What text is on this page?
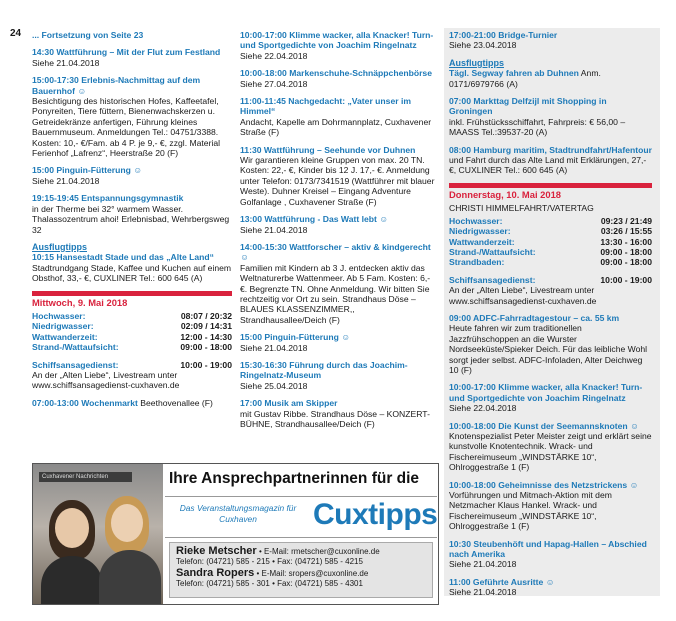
24 ... Fortsetzung von Seite 23
14:30 Wattführung – Mit der Flut zum Festland
Siehe 21.04.2018
15:00-17:30 Erlebnis-Nachmittag auf dem Bauernhof ☺
Besichtigung des historischen Hofes, Kaffeetafel, Ponyreiten, Tiere füttern, Bienenwachskerzen u. Getreidekränze anfertigen, Führung kleines Bauernmuseum. Anmeldungen Tel.: 04751/3388. Kosten: 10,- €/Fam. ab 4 P. je 9,- €, zzgl. Material Ferienhof „Lafrenz“, Heerstraße 20 (F)
15:00 Pinguin-Fütterung ☺
Siehe 21.04.2018
19:15-19:45 Entspannungsgymnastik
in der Therme bei 32° warmem Wasser. Thalassozentrum ahoi! Erlebnisbad, Wehrbergsweg 32
Ausflugtipps
10:15 Hansestadt Stade und das „Alte Land“
Stadtrundgang Stade, Kaffee und Kuchen auf einem Obsthof, 33,- €, CUXLINER Tel.: 600 645 (A)
Mittwoch, 9. Mai 2018
Hochwasser:	08:07 / 20:32
Niedrigwasser:	02:09 / 14:31
Wattwanderzeit:	12:00 - 14:30
Strand-/Wattaufsicht:	09:00 - 18:00
Schiffsansagedienst:	10:00 - 19:00
An der „Alten Liebe“, Livestream unter www.schiffsansagedienst-cuxhaven.de
07:00-13:00 Wochenmarkt Beethovenallee (F)
10:00-17:00 Klimme wacker, alla Knacker! Turn- und Sportgedichte von Joachim Ringelnatz
Siehe 22.04.2018
10:00-18:00 Markenschuhe-Schnäppchenbörse
Siehe 27.04.2018
11:00-11:45 Nachgedacht: „Vater unser im Himmel“
Andacht, Kapelle am Dohrmannplatz, Cuxhavener Straße (F)
11:30 Wattführung – Seehunde vor Duhnen
Wir garantieren kleine Gruppen von max. 20 TN. Kosten: 22,- €, Kinder bis 12 J. 17,- €. Anmeldung unter Telefon: 0173/7341519 (Wattführer mit blauer Weste). Duhner Kreisel – Eingang Adventure Golfanlage , Cuxhavener Straße (F)
13:00 Wattführung - Das Watt lebt ☺
Siehe 21.04.2018
14:00-15:30 Wattforscher – aktiv & kindgerecht ☺
Familien mit Kindern ab 3 J. entdecken aktiv das Weltnaturerbe Wattenmeer. Ab 5 Fam. Kosten: 6,- €. Begrenzte TN. Ohne Anmeldung. Wir bitten Sie rechtzeitig vor Ort zu sein. Strandhaus Döse – BLAUES KLASSENZIMMER,, Strandhausallee/Deich (F)
15:00 Pinguin-Fütterung ☺
Siehe 21.04.2018
15:30-16:30 Führung durch das Joachim-Ringelnatz-Museum
Siehe 25.04.2018
17:00 Musik am Skipper
mit Gustav Ribbe. Strandhaus Döse – KONZERT-BÜHNE, Strandhausallee/Deich (F)
17:00-21:00 Bridge-Turnier
Siehe 23.04.2018
Ausflugtipps
Tägl. Segway fahren ab Duhnen Anm. 0171/6979766 (A)
07:00 Markttag Delfzijl mit Shopping in Groningen
inkl. Frühstücksschiffahrt, Fahrpreis: € 56,00 – MAASS Tel.:39537-20 (A)
08:00 Hamburg maritim, Stadtrundfahrt/Hafentour
und Fahrt durch das Alte Land mit Erklärungen, 27,- €, CUXLINER Tel.: 600 645 (A)
Donnerstag, 10. Mai 2018
CHRISTI HIMMELFAHRT/VATERTAG
Hochwasser:	09:23 / 21:49
Niedrigwasser:	03:26 / 15:55
Wattwanderzeit:	13:30 - 16:00
Strand-/Wattaufsicht:	09:00 - 18:00
Strandbaden:	09:00 - 18:00
Schiffsansagedienst:	10:00 - 19:00
An der „Alten Liebe“, Livestream unter www.schiffsansagedienst-cuxhaven.de
09:00 ADFC-Fahrradtagestour – ca. 55 km
Heute fahren wir zum traditionellen Jazzfrühschoppen an die Wurster Nordseeküste/Spieker Deich. Für das leibliche Wohl sorgt jeder selbst. ADFC-Infoladen, Alter Deichweg 10 (F)
10:00-17:00 Klimme wacker, alla Knacker! Turn- und Sportgedichte von Joachim Ringelnatz
Siehe 22.04.2018
10:00-18:00 Die Kunst der Seemannsknoten ☺
Knotenspezialist Peter Meister zeigt und erklärt seine kunstvolle Knotentechnik. Wrack- und Fischereimuseum „WINDSTÄRKE 10“, Ohlroggestraße 1 (F)
10:00-18:00 Geheimnisse des Netzstrickens ☺
Vorführungen und Mitmach-Aktion mit dem Netzmacher Klaus Hankel. Wrack- und Fischereimuseum „WINDSTÄRKE 10“, Ohlroggestraße 1 (F)
10:30 Steubenhöft und Hapag-Hallen – Abschied nach Amerika
Siehe 21.04.2018
11:00 Geführte Ausritte ☺
Siehe 21.04.2018
Cuxhavener Nachrichten	Ihre Ansprechpartnerinnen für die
Das Veranstaltungsmagazin für Cuxhaven	Cuxtipps
Rieke Metscher • E-Mail: rmetscher@cuxonline.de
Telefon: (04721) 585 - 215 • Fax: (04721) 585 - 4215
Sandra Ropers • E-Mail: sropers@cuxonline.de
Telefon: (04721) 585 - 301 • Fax: (04721) 585 - 4301
